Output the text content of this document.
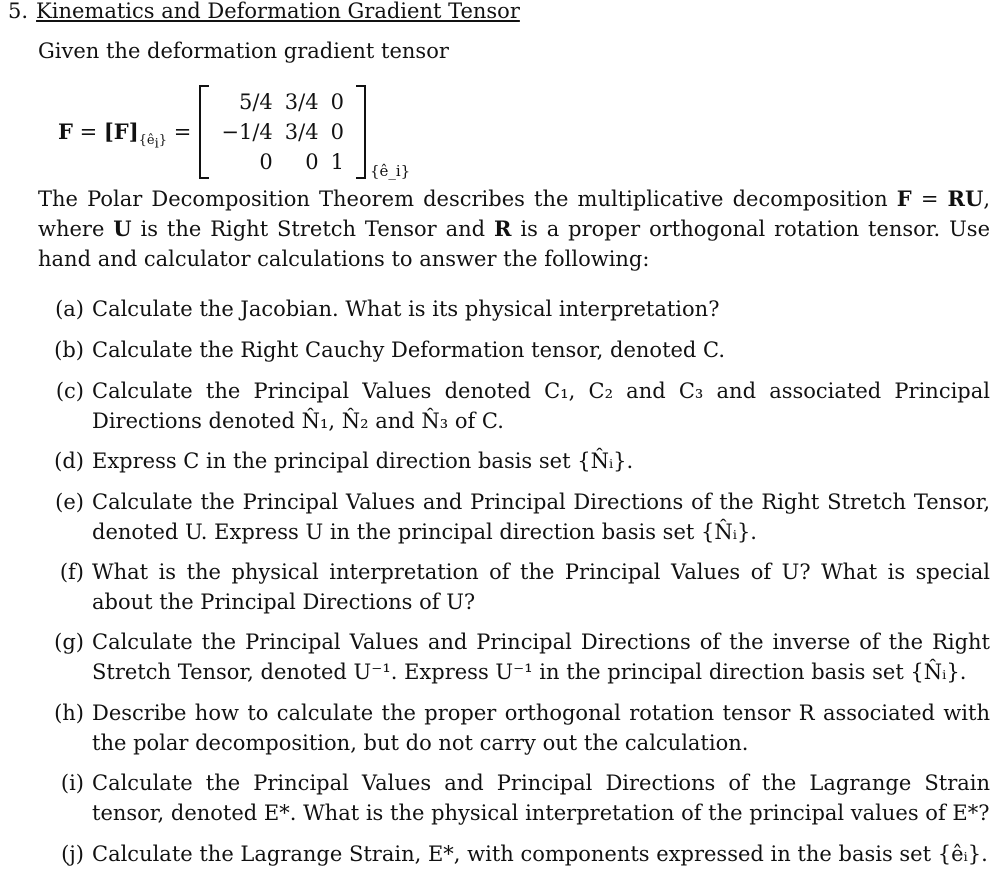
5. Kinematics and Deformation Gradient Tensor
Given the deformation gradient tensor
$F = [F]_{\{ê_i\}}$ =
5/4	3/4	0
−1/4	3/4	0
0	0	1 {ê_i}
The Polar Decomposition Theorem describes the multiplicative decomposition F = RU, where U is the Right Stretch Tensor and R is a proper orthogonal rotation tensor. Use hand and calculator calculations to answer the following:
(a) Calculate the Jacobian. What is its physical interpretation?
(b) Calculate the Right Cauchy Deformation tensor, denoted C.
(c) Calculate the Principal Values denoted C₁, C₂ and C₃ and associated Principal Directions denoted N̂₁, N̂₂ and N̂₃ of C.
(d) Express C in the principal direction basis set {N̂ᵢ}.
(e) Calculate the Principal Values and Principal Directions of the Right Stretch Tensor, denoted U. Express U in the principal direction basis set {N̂ᵢ}.
(f) What is the physical interpretation of the Principal Values of U? What is special about the Principal Directions of U?
(g) Calculate the Principal Values and Principal Directions of the inverse of the Right Stretch Tensor, denoted U⁻¹. Express U⁻¹ in the principal direction basis set {N̂ᵢ}.
(h) Describe how to calculate the proper orthogonal rotation tensor R associated with the polar decomposition, but do not carry out the calculation.
(i) Calculate the Principal Values and Principal Directions of the Lagrange Strain tensor, denoted E*. What is the physical interpretation of the principal values of E*?
(j) Calculate the Lagrange Strain, E*, with components expressed in the basis set {êᵢ}.
